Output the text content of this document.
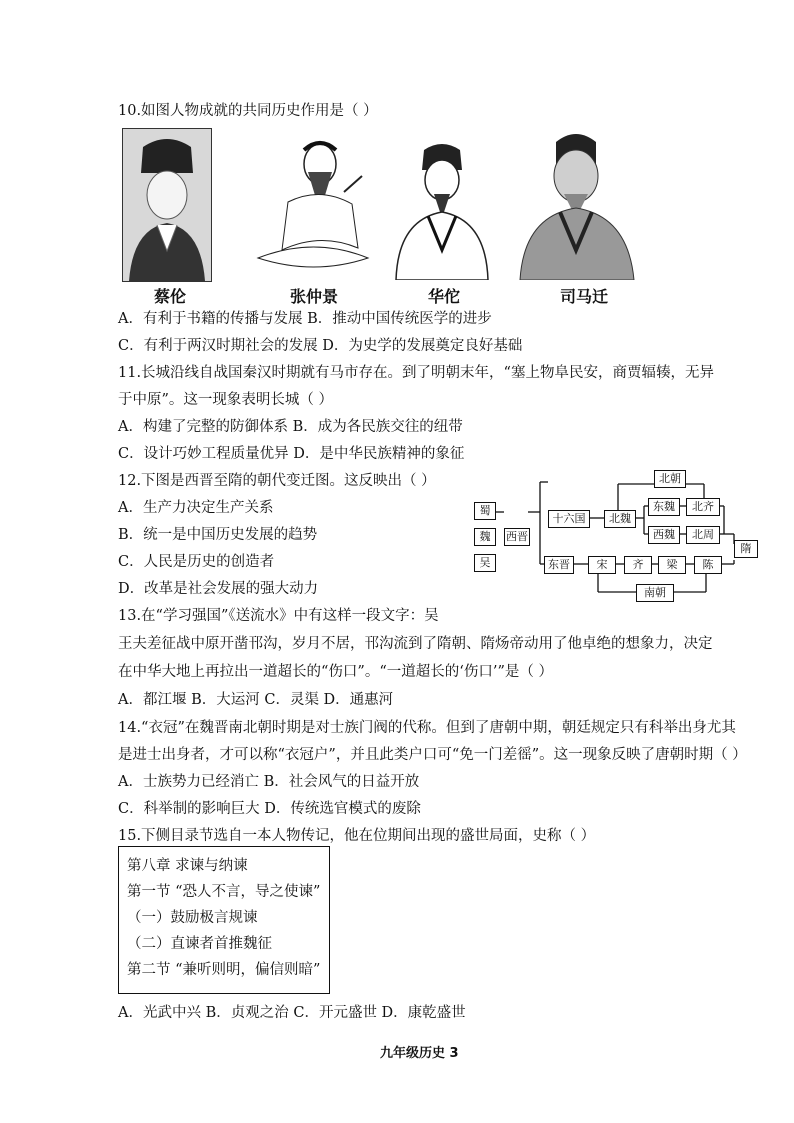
10.如图人物成就的共同历史作用是（ ）
蔡伦	张仲景	华佗	司马迁
A．有利于书籍的传播与发展 B．推动中国传统医学的进步
C．有利于两汉时期社会的发展 D．为史学的发展奠定良好基础
11.长城沿线自战国秦汉时期就有马市存在。到了明朝末年，“塞上物阜民安，商贾辐辏，无异
于中原”。这一现象表明长城（ ）
A．构建了完整的防御体系 B．成为各民族交往的纽带
C．设计巧妙工程质量优异 D．是中华民族精神的象征
12.下图是西晋至隋的朝代变迁图。这反映出（ ）
A．生产力决定生产关系
B．统一是中国历史发展的趋势
C．人民是历史的创造者
D．改革是社会发展的强大动力
蜀
魏
吴
西晋
十六国	北魏
北朝
东魏	北齐
西魏	北周
隋
东晋	宋	齐	梁	陈
南朝
13.在“学习强国”《送流水》中有这样一段文字：吴
王夫差征战中原开凿邗沟，岁月不居，邗沟流到了隋朝、隋炀帝动用了他卓绝的想象力，决定
在中华大地上再拉出一道超长的“伤口”。“一道超长的‘伤口’”是（ ）
A．都江堰 B．大运河 C．灵渠 D．通惠河
14.“衣冠”在魏晋南北朝时期是对士族门阀的代称。但到了唐朝中期，朝廷规定只有科举出身尤其
是进士出身者，才可以称“衣冠户”，并且此类户口可“免一门差徭”。这一现象反映了唐朝时期（ ）
A．士族势力已经消亡 B．社会风气的日益开放
C．科举制的影响巨大 D．传统选官模式的废除
15.下侧目录节选自一本人物传记，他在位期间出现的盛世局面，史称（ ）
第八章 求谏与纳谏
第一节 “恐人不言，导之使谏”
（一）鼓励极言规谏
（二）直谏者首推魏征
第二节 “兼听则明，偏信则暗”
A．光武中兴 B．贞观之治 C．开元盛世 D．康乾盛世
九年级历史 3
